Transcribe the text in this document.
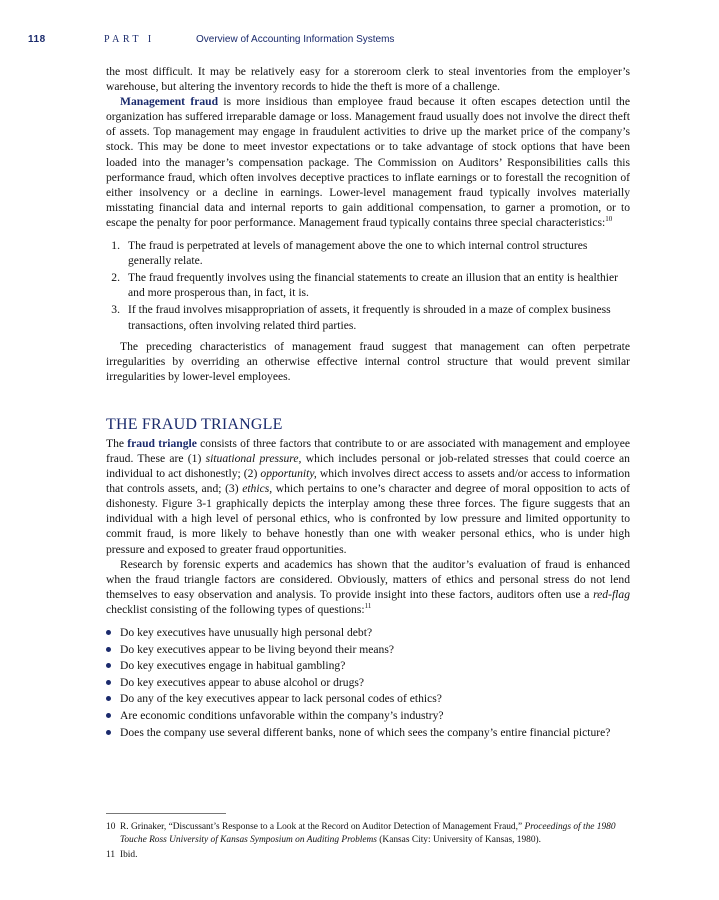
118	PART I	Overview of Accounting Information Systems

the most difficult. It may be relatively easy for a storeroom clerk to steal inventories from the employer’s warehouse, but altering the inventory records to hide the theft is more of a challenge.

Management fraud is more insidious than employee fraud because it often escapes detection until the organization has suffered irreparable damage or loss. Management fraud usually does not involve the direct theft of assets. Top management may engage in fraudulent activities to drive up the market price of the company’s stock. This may be done to meet investor expectations or to take advantage of stock options that have been loaded into the manager’s compensation package. The Commission on Auditors’ Responsibilities calls this performance fraud, which often involves deceptive practices to inflate earnings or to forestall the recognition of either insolvency or a decline in earnings. Lower-level management fraud typically involves materially misstating financial data and internal reports to gain additional compensation, to garner a promotion, or to escape the penalty for poor performance. Management fraud typically contains three special characteristics:$^{10}$

1. The fraud is perpetrated at levels of management above the one to which internal control structures generally relate.
2. The fraud frequently involves using the financial statements to create an illusion that an entity is healthier and more prosperous than, in fact, it is.
3. If the fraud involves misappropriation of assets, it frequently is shrouded in a maze of complex business transactions, often involving related third parties.

The preceding characteristics of management fraud suggest that management can often perpetrate irregularities by overriding an otherwise effective internal control structure that would prevent similar irregularities by lower-level employees.

THE FRAUD TRIANGLE

The fraud triangle consists of three factors that contribute to or are associated with management and employee fraud. These are (1) situational pressure, which includes personal or job-related stresses that could coerce an individual to act dishonestly; (2) opportunity, which involves direct access to assets and/or access to information that controls assets, and; (3) ethics, which pertains to one’s character and degree of moral opposition to acts of dishonesty. Figure 3-1 graphically depicts the interplay among these three forces. The figure suggests that an individual with a high level of personal ethics, who is confronted by low pressure and limited opportunity to commit fraud, is more likely to behave honestly than one with weaker personal ethics, who is under high pressure and exposed to greater fraud opportunities.

Research by forensic experts and academics has shown that the auditor’s evaluation of fraud is enhanced when the fraud triangle factors are considered. Obviously, matters of ethics and personal stress do not lend themselves to easy observation and analysis. To provide insight into these factors, auditors often use a red-flag checklist consisting of the following types of questions:$^{11}$

Do key executives have unusually high personal debt?
Do key executives appear to be living beyond their means?
Do key executives engage in habitual gambling?
Do key executives appear to abuse alcohol or drugs?
Do any of the key executives appear to lack personal codes of ethics?
Are economic conditions unfavorable within the company’s industry?
Does the company use several different banks, none of which sees the company’s entire financial picture?
10 R. Grinaker, “Discussant’s Response to a Look at the Record on Auditor Detection of Management Fraud,” Proceedings of the 1980 Touche Ross University of Kansas Symposium on Auditing Problems (Kansas City: University of Kansas, 1980).
11 Ibid.
